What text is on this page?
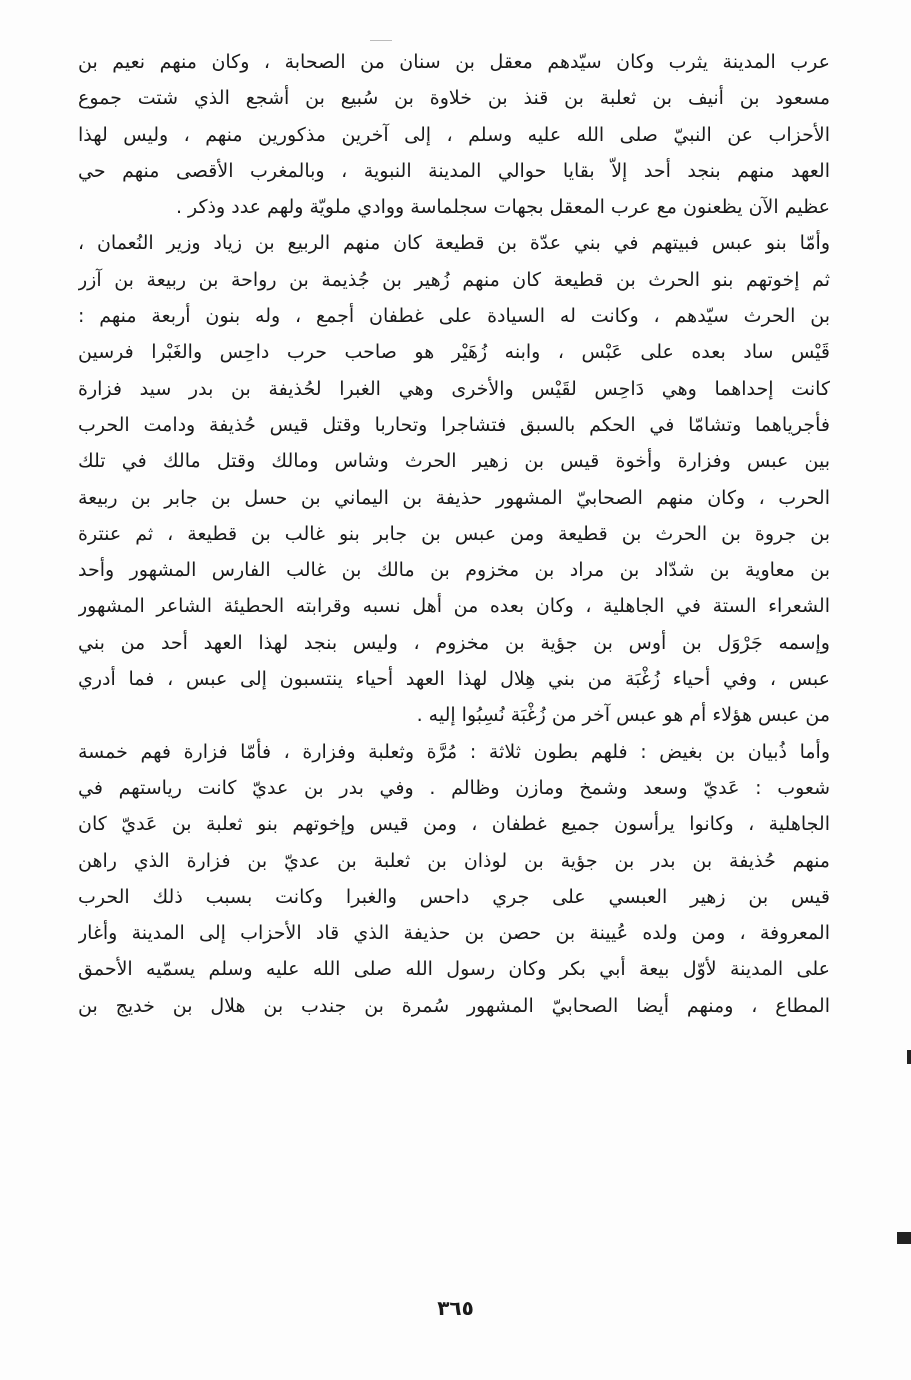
عرب المدينة يثرب وكان سيّدهم معقل بن سنان من الصحابة ، وكان منهم نعيم بن
مسعود بن أنيف بن ثعلبة بن قنذ بن خلاوة بن سُبيع بن أشجع الذي شتت جموع
الأحزاب عن النبيّ صلى الله عليه وسلم ، إلى آخرين مذكورين منهم ، وليس لهذا
العهد منهم بنجد أحد إلاّ بقايا حوالي المدينة النبوية ، وبالمغرب الأقصى منهم حي
عظيم الآن يظعنون مع عرب المعقل بجهات سجلماسة ووادي ملويّة ولهم عدد وذكر .
وأمّا بنو عبس فبيتهم في بني عدّة بن قطيعة كان منهم الربيع بن زياد وزير النُعمان ،
ثم إخوتهم بنو الحرث بن قطيعة كان منهم زُهير بن جُذيمة بن رواحة بن ربيعة بن آزر
بن الحرث سيّدهم ، وكانت له السيادة على غطفان أجمع ، وله بنون أربعة منهم :
قَيْس ساد بعده على عَبْس ، وابنه زُهَيْر هو صاحب حرب داحِس والغَبْرا فرسين
كانت إحداهما وهي دَاحِس لقَيْس والأخرى وهي الغبرا لحُذيفة بن بدر سيد فزارة
فأجرياهما وتشامّا في الحكم بالسبق فتشاجرا وتحاربا وقتل قيس حُذيفة ودامت الحرب
بين عبس وفزارة وأخوة قيس بن زهير الحرث وشاس ومالك وقتل مالك في تلك
الحرب ، وكان منهم الصحابيّ المشهور حذيفة بن اليماني بن حسل بن جابر بن ربيعة
بن جروة بن الحرث بن قطيعة ومن عبس بن جابر بنو غالب بن قطيعة ، ثم عنترة
بن معاوية بن شدّاد بن مراد بن مخزوم بن مالك بن غالب الفارس المشهور وأحد
الشعراء الستة في الجاهلية ، وكان بعده من أهل نسبه وقرابته الحطيئة الشاعر المشهور
وإسمه جَرْوَل بن أوس بن جؤية بن مخزوم ، وليس بنجد لهذا العهد أحد من بني
عبس ، وفي أحياء زُغْبَة من بني هِلال لهذا العهد أحياء ينتسبون إلى عبس ، فما أدري
من عبس هؤلاء أم هو عبس آخر من زُغْبَة نُسِبُوا إليه .
وأما ذُبيان بن بغيض : فلهم بطون ثلاثة : مُرَّة وثعلبة وفزارة ، فأمّا فزارة فهم خمسة
شعوب : عَديّ وسعد وشمخ ومازن وظالم . وفي بدر بن عديّ كانت رياستهم في
الجاهلية ، وكانوا يرأسون جميع غطفان ، ومن قيس وإخوتهم بنو ثعلبة بن عَديّ كان
منهم حُذيفة بن بدر بن جؤية بن لوذان بن ثعلبة بن عديّ بن فزارة الذي راهن
قيس بن زهير العبسي على جري داحس والغبرا وكانت بسبب ذلك الحرب
المعروفة ، ومن ولده عُيينة بن حصن بن حذيفة الذي قاد الأحزاب إلى المدينة وأغار
على المدينة لأوّل بيعة أبي بكر وكان رسول الله صلى الله عليه وسلم يسمّيه الأحمق
المطاع ، ومنهم أيضا الصحابيّ المشهور سُمرة بن جندب بن هلال بن خديج بن
٣٦٥
